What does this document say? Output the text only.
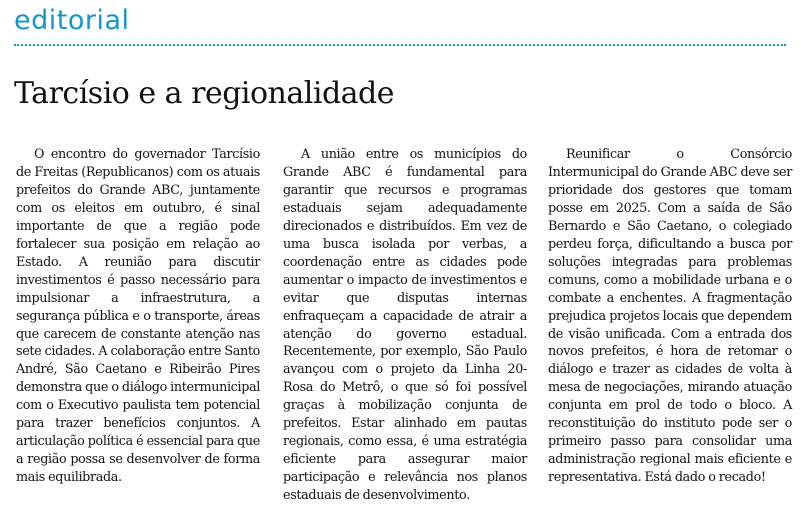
editorial
Tarcísio e a regionalidade

O encontro do governador Tarcísio de Freitas (Republicanos) com os atuais prefeitos do Grande ABC, juntamente com os eleitos em outubro, é sinal importante de que a região pode fortalecer sua posição em relação ao Estado. A reunião para discutir investimentos é passo necessário para impulsionar a infraestrutura, a segurança pública e o transporte, áreas que carecem de constante atenção nas sete cidades. A colaboração entre Santo André, São Caetano e Ribeirão Pires demonstra que o diálogo intermunicipal com o Executivo paulista tem potencial para trazer benefícios conjuntos. A articulação política é essencial para que a região possa se desenvolver de forma mais equilibrada.

A união entre os municípios do Grande ABC é fundamental para garantir que recursos e programas estaduais sejam adequadamente direcionados e distribuídos. Em vez de uma busca isolada por verbas, a coordenação entre as cidades pode aumentar o impacto de investimentos e evitar que disputas internas enfraqueçam a capacidade de atrair a atenção do governo estadual. Recentemente, por exemplo, São Paulo avançou com o projeto da Linha 20-Rosa do Metrô, o que só foi possível graças à mobilização conjunta de prefeitos. Estar alinhado em pautas regionais, como essa, é uma estratégia eficiente para assegurar maior participação e relevância nos planos estaduais de desenvolvimento.

Reunificar o Consórcio Intermunicipal do Grande ABC deve ser prioridade dos gestores que tomam posse em 2025. Com a saída de São Bernardo e São Caetano, o colegiado perdeu força, dificultando a busca por soluções integradas para problemas comuns, como a mobilidade urbana e o combate a enchentes. A fragmentação prejudica projetos locais que dependem de visão unificada. Com a entrada dos novos prefeitos, é hora de retomar o diálogo e trazer as cidades de volta à mesa de negociações, mirando atuação conjunta em prol de todo o bloco. A reconstituição do instituto pode ser o primeiro passo para consolidar uma administração regional mais eficiente e representativa. Está dado o recado!
